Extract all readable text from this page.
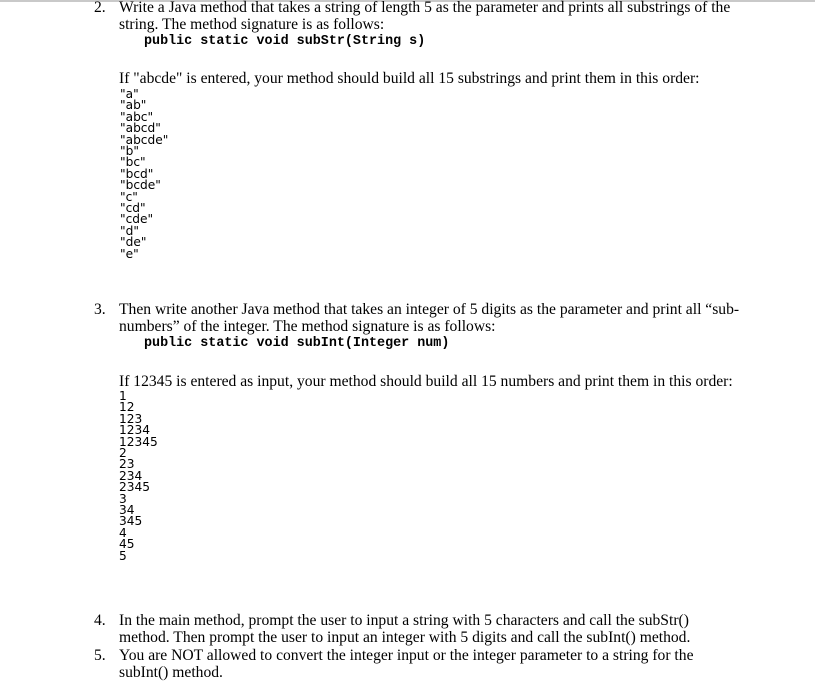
2. Write a Java method that takes a string of length 5 as the parameter and prints all substrings of the
string. The method signature is as follows:
public static void subStr(String s)
If "abcde" is entered, your method should build all 15 substrings and print them in this order:
"a"
"ab"
"abc"
"abcd"
"abcde"
"b"
"bc"
"bcd"
"bcde"
"c"
"cd"
"cde"
"d"
"de"
"e"
3. Then write another Java method that takes an integer of 5 digits as the parameter and print all “sub-
numbers” of the integer. The method signature is as follows:
public static void subInt(Integer num)
If 12345 is entered as input, your method should build all 15 numbers and print them in this order:
1
12
123
1234
12345
2
23
234
2345
3
34
345
4
45
5
4. In the main method, prompt the user to input a string with 5 characters and call the subStr()
method. Then prompt the user to input an integer with 5 digits and call the subInt() method.
5. You are NOT allowed to convert the integer input or the integer parameter to a string for the
subInt() method.
